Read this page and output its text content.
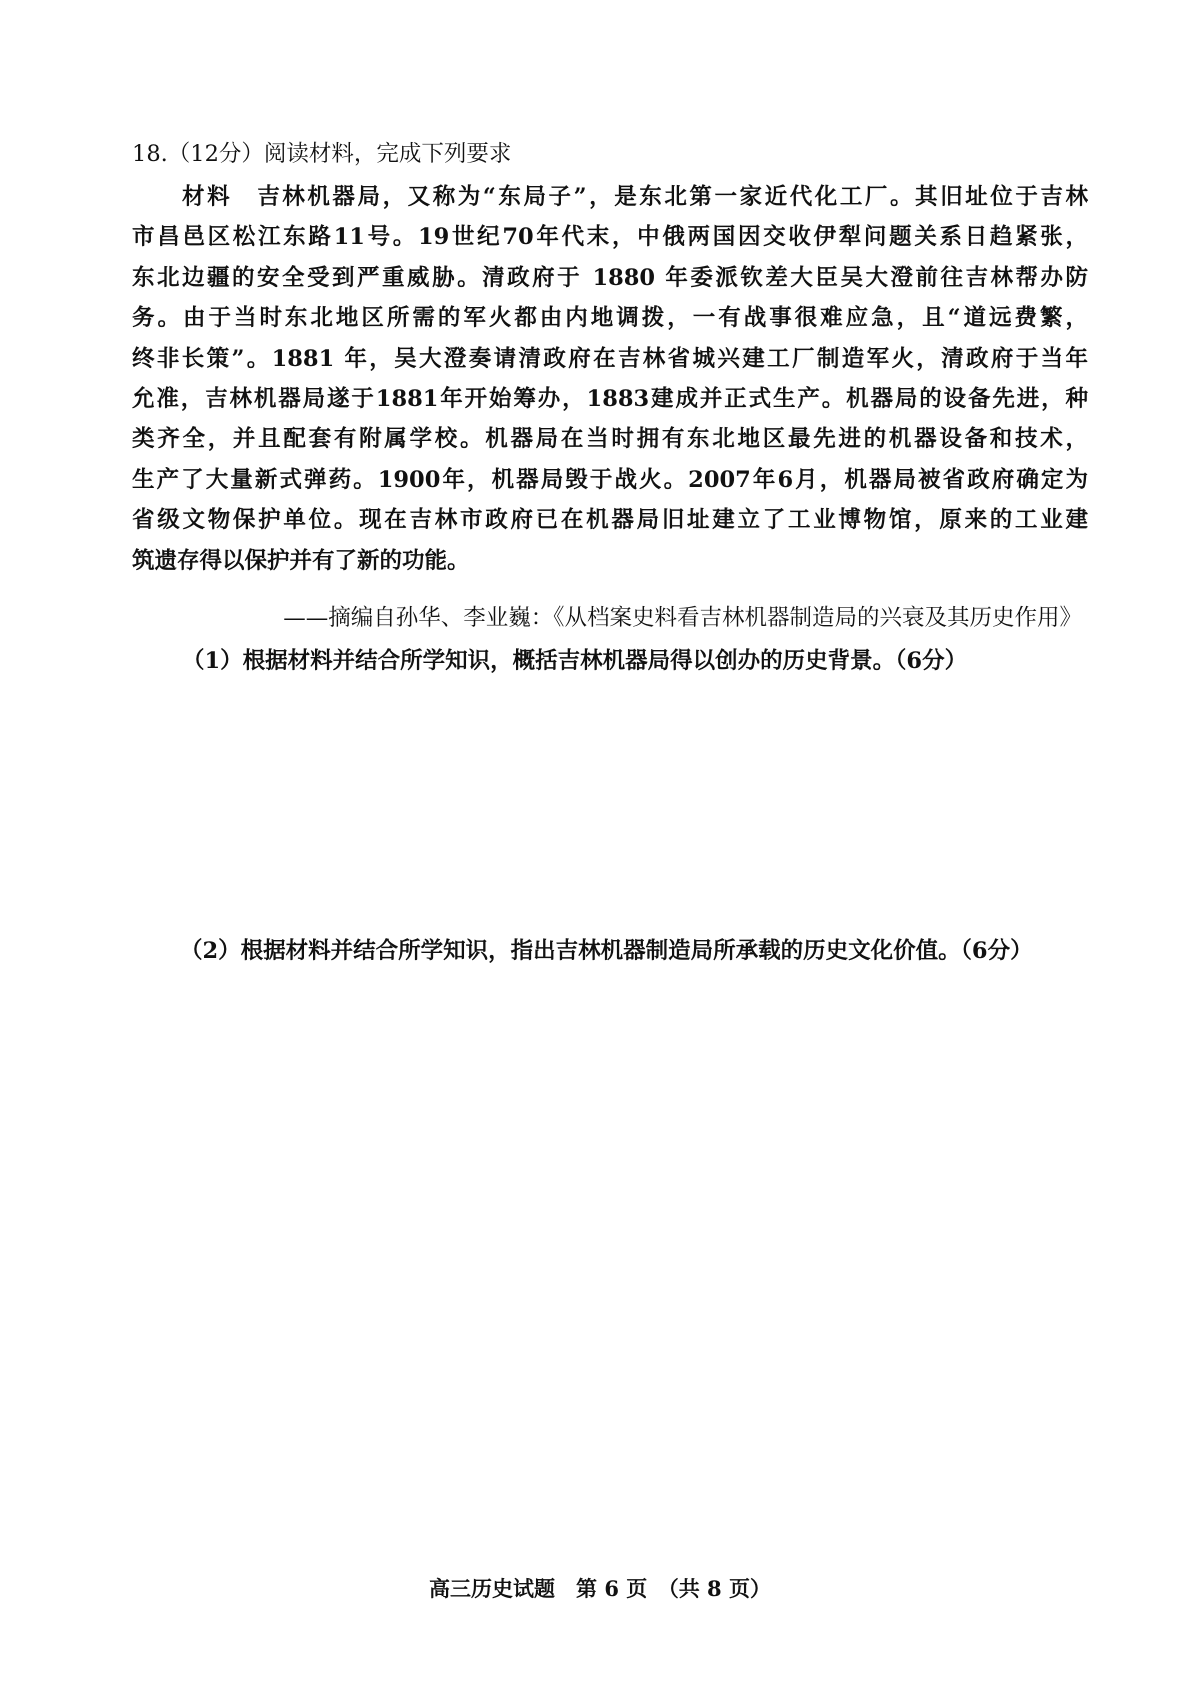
18.（12分）阅读材料，完成下列要求
材料　吉林机器局，又称为“东局子”，是东北第一家近代化工厂。其旧址位于吉林
市昌邑区松江东路11号。19世纪70年代末，中俄两国因交收伊犁问题关系日趋紧张，
东北边疆的安全受到严重威胁。清政府于 1880 年委派钦差大臣吴大澄前往吉林帮办防
务。由于当时东北地区所需的军火都由内地调拨，一有战事很难应急，且“道远费繁，
终非长策”。1881 年，吴大澄奏请清政府在吉林省城兴建工厂制造军火，清政府于当年
允准，吉林机器局遂于1881年开始筹办，1883建成并正式生产。机器局的设备先进，种
类齐全，并且配套有附属学校。机器局在当时拥有东北地区最先进的机器设备和技术，
生产了大量新式弹药。1900年，机器局毁于战火。2007年6月，机器局被省政府确定为
省级文物保护单位。现在吉林市政府已在机器局旧址建立了工业博物馆，原来的工业建
筑遗存得以保护并有了新的功能。
——摘编自孙华、李业巍：《从档案史料看吉林机器制造局的兴衰及其历史作用》
（1）根据材料并结合所学知识，概括吉林机器局得以创办的历史背景。（6分）
（2）根据材料并结合所学知识，指出吉林机器制造局所承载的历史文化价值。（6分）
高三历史试题　第 6 页　（共 8 页）
